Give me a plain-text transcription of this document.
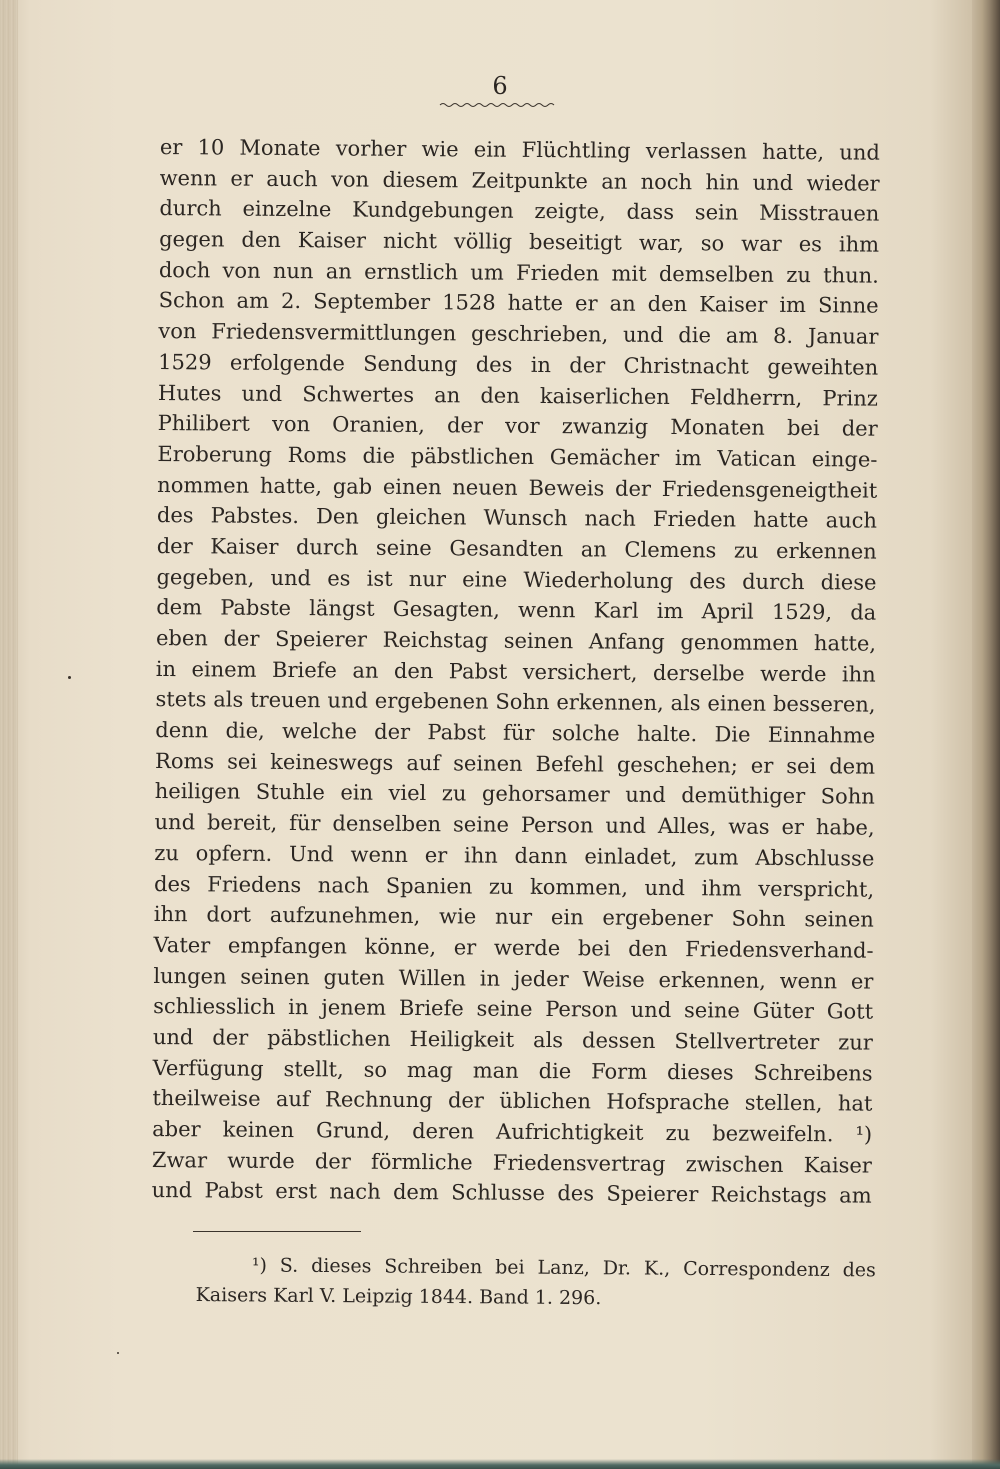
6
er 10 Monate vorher wie ein Flüchtling verlassen hatte, und
wenn er auch von diesem Zeitpunkte an noch hin und wieder
durch einzelne Kundgebungen zeigte, dass sein Misstrauen
gegen den Kaiser nicht völlig beseitigt war, so war es ihm
doch von nun an ernstlich um Frieden mit demselben zu thun.
Schon am 2. September 1528 hatte er an den Kaiser im Sinne
von Friedensvermittlungen geschrieben, und die am 8. Januar
1529 erfolgende Sendung des in der Christnacht geweihten
Hutes und Schwertes an den kaiserlichen Feldherrn, Prinz
Philibert von Oranien, der vor zwanzig Monaten bei der
Eroberung Roms die päbstlichen Gemächer im Vatican einge-
nommen hatte, gab einen neuen Beweis der Friedensgeneigtheit
des Pabstes. Den gleichen Wunsch nach Frieden hatte auch
der Kaiser durch seine Gesandten an Clemens zu erkennen
gegeben, und es ist nur eine Wiederholung des durch diese
dem Pabste längst Gesagten, wenn Karl im April 1529, da
eben der Speierer Reichstag seinen Anfang genommen hatte,
in einem Briefe an den Pabst versichert, derselbe werde ihn
stets als treuen und ergebenen Sohn erkennen, als einen besseren,
denn die, welche der Pabst für solche halte. Die Einnahme
Roms sei keineswegs auf seinen Befehl geschehen; er sei dem
heiligen Stuhle ein viel zu gehorsamer und demüthiger Sohn
und bereit, für denselben seine Person und Alles, was er habe,
zu opfern. Und wenn er ihn dann einladet, zum Abschlusse
des Friedens nach Spanien zu kommen, und ihm verspricht,
ihn dort aufzunehmen, wie nur ein ergebener Sohn seinen
Vater empfangen könne, er werde bei den Friedensverhand-
lungen seinen guten Willen in jeder Weise erkennen, wenn er
schliesslich in jenem Briefe seine Person und seine Güter Gott
und der päbstlichen Heiligkeit als dessen Stellvertreter zur
Verfügung stellt, so mag man die Form dieses Schreibens
theilweise auf Rechnung der üblichen Hofsprache stellen, hat
aber keinen Grund, deren Aufrichtigkeit zu bezweifeln. ¹)
Zwar wurde der förmliche Friedensvertrag zwischen Kaiser
und Pabst erst nach dem Schlusse des Speierer Reichstags am
¹) S. dieses Schreiben bei Lanz, Dr. K., Correspondenz des
Kaisers Karl V. Leipzig 1844. Band 1. 296.
